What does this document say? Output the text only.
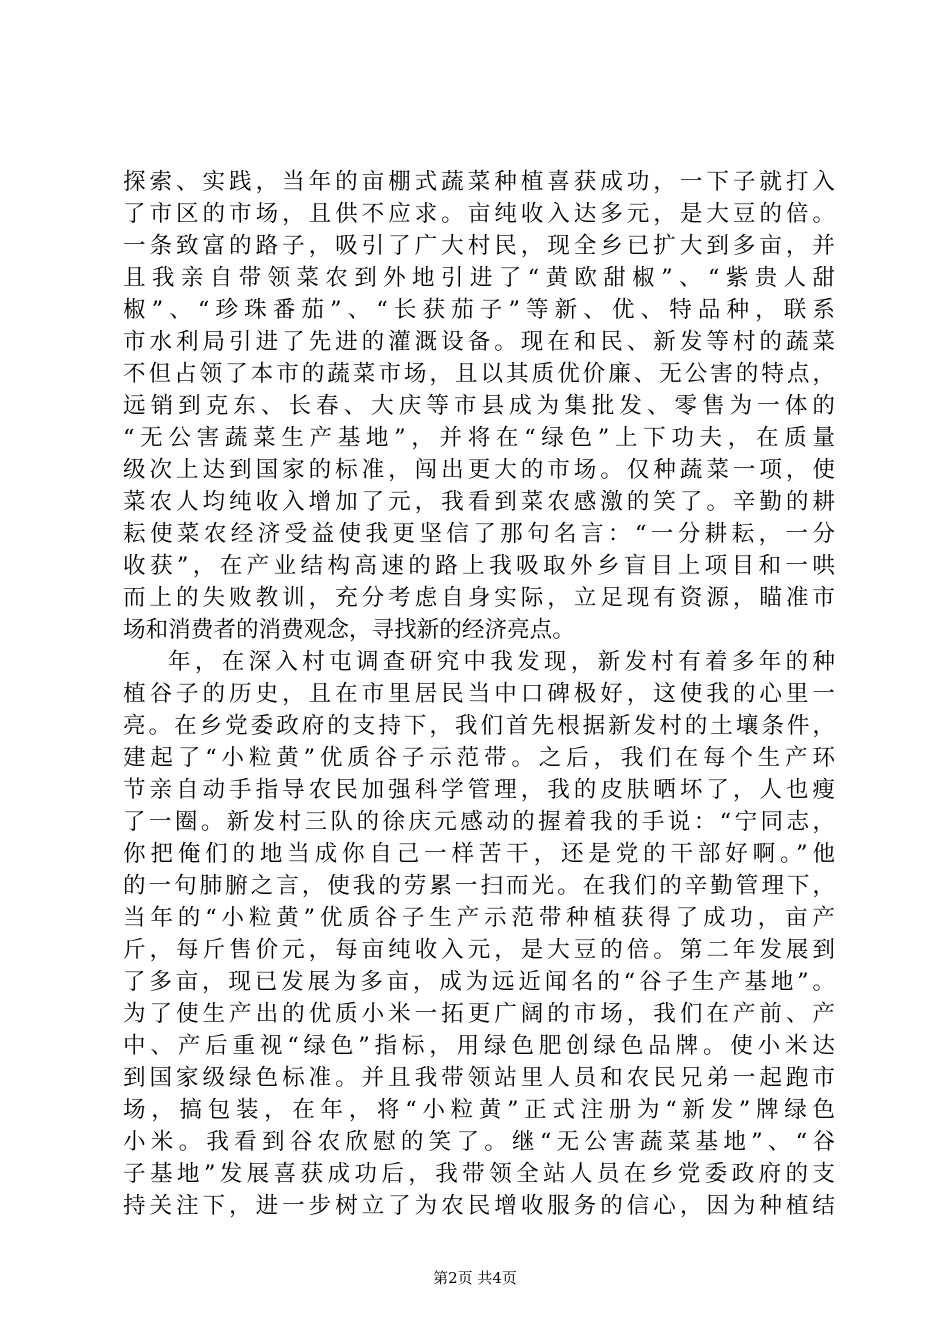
探索、实践，当年的亩棚式蔬菜种植喜获成功，一下子就打入
了市区的市场，且供不应求。亩纯收入达多元，是大豆的倍。
一条致富的路子，吸引了广大村民，现全乡已扩大到多亩，并
且我亲自带领菜农到外地引进了“黄欧甜椒”、“紫贵人甜
椒”、“珍珠番茄”、“长获茄子”等新、优、特品种，联系
市水利局引进了先进的灌溉设备。现在和民、新发等村的蔬菜
不但占领了本市的蔬菜市场，且以其质优价廉、无公害的特点，
远销到克东、长春、大庆等市县成为集批发、零售为一体的
“无公害蔬菜生产基地”，并将在“绿色”上下功夫，在质量
级次上达到国家的标准，闯出更大的市场。仅种蔬菜一项，使
菜农人均纯收入增加了元，我看到菜农感激的笑了。辛勤的耕
耘使菜农经济受益使我更坚信了那句名言：“一分耕耘，一分
收获”，在产业结构高速的路上我吸取外乡盲目上项目和一哄
而上的失败教训，充分考虑自身实际，立足现有资源，瞄准市
场和消费者的消费观念，寻找新的经济亮点。
年，在深入村屯调查研究中我发现，新发村有着多年的种
植谷子的历史，且在市里居民当中口碑极好，这使我的心里一
亮。在乡党委政府的支持下，我们首先根据新发村的土壤条件，
建起了“小粒黄”优质谷子示范带。之后，我们在每个生产环
节亲自动手指导农民加强科学管理，我的皮肤晒坏了，人也瘦
了一圈。新发村三队的徐庆元感动的握着我的手说：“宁同志，
你把俺们的地当成你自己一样苦干，还是党的干部好啊。”他
的一句肺腑之言，使我的劳累一扫而光。在我们的辛勤管理下，
当年的“小粒黄”优质谷子生产示范带种植获得了成功，亩产
斤，每斤售价元，每亩纯收入元，是大豆的倍。第二年发展到
了多亩，现已发展为多亩，成为远近闻名的“谷子生产基地”。
为了使生产出的优质小米一拓更广阔的市场，我们在产前、产
中、产后重视“绿色”指标，用绿色肥创绿色品牌。使小米达
到国家级绿色标准。并且我带领站里人员和农民兄弟一起跑市
场，搞包装，在年，将“小粒黄”正式注册为“新发”牌绿色
小米。我看到谷农欣慰的笑了。继“无公害蔬菜基地”、“谷
子基地”发展喜获成功后，我带领全站人员在乡党委政府的支
持关注下，进一步树立了为农民增收服务的信心，因为种植结
第2页 共4页
